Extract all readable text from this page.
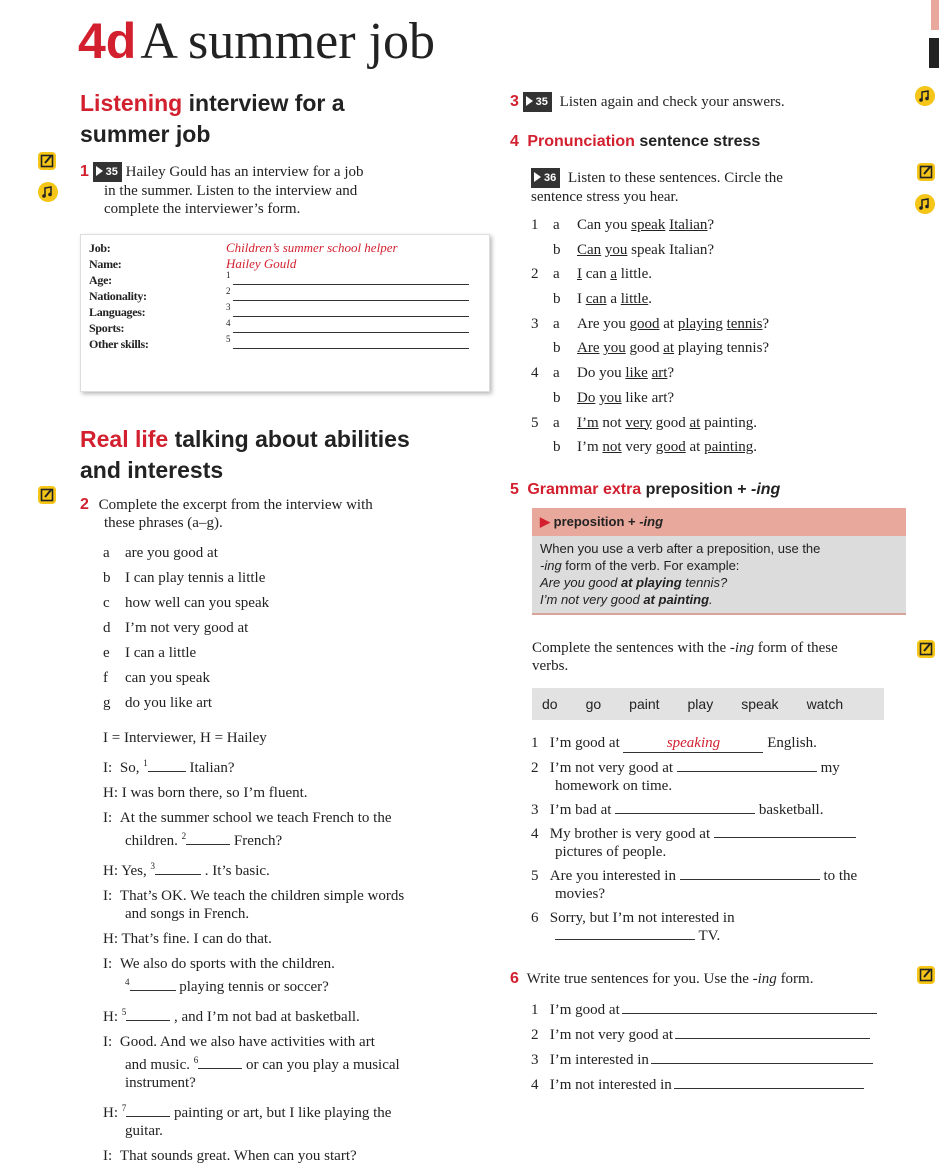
4d A summer job
Listening interview for a
summer job
1 35 Hailey Gould has an interview for a job
in the summer. Listen to the interview and
complete the interviewer’s form.
Job:	Children’s summer school helper
Name:	Hailey Gould
Age:	1
Nationality:	2
Languages:	3
Sports:	4
Other skills:	5
Real life talking about abilities
and interests
2 Complete the excerpt from the interview with
these phrases (a–g).
a are you good at
b I can play tennis a little
c how well can you speak
d I’m not very good at
e I can a little
f can you speak
g do you like art
I = Interviewer, H = Hailey
I: So, $^1$	Italian?
H: I was born there, so I’m fluent.
I: At the summer school we teach French to the
children. $^2$	French?
H: Yes, $^3$	. It’s basic.
I: That’s OK. We teach the children simple words
and songs in French.
H: That’s fine. I can do that.
I: We also do sports with the children.
$^4$	playing tennis or soccer?
H: $^5$	, and I’m not bad at basketball.
I: Good. And we also have activities with art
and music. $^6$	or can you play a musical
instrument?
H: $^7$	painting or art, but I like playing the
guitar.
I: That sounds great. When can you start?
3 35 Listen again and check your answers.
4 Pronunciation sentence stress
36 Listen to these sentences. Circle the
sentence stress you hear.
1 a Can you speak Italian?
b Can you speak Italian?
2 a I can a little.
b I can a little.
3 a Are you good at playing tennis?
b Are you good at playing tennis?
4 a Do you like art?
b Do you like art?
5 a I’m not very good at painting.
b I’m not very good at painting.
5 Grammar extra preposition + -ing
▶ preposition + -ing
When you use a verb after a preposition, use the
-ing form of the verb. For example:
Are you good at playing tennis?
I’m not very good at painting.
Complete the sentences with the -ing form of these
verbs.
do go paint play speak watch
1   I’m good at	speaking	English.
2   I’m not very good at	my
homework on time.
3   I’m bad at	basketball.
4   My brother is very good at
pictures of people.
5   Are you interested in	to the
movies?
6   Sorry, but I’m not interested in
TV.
6 Write true sentences for you. Use the -ing form.
1   I’m good at
2   I’m not very good at
3   I’m interested in
4   I’m not interested in
